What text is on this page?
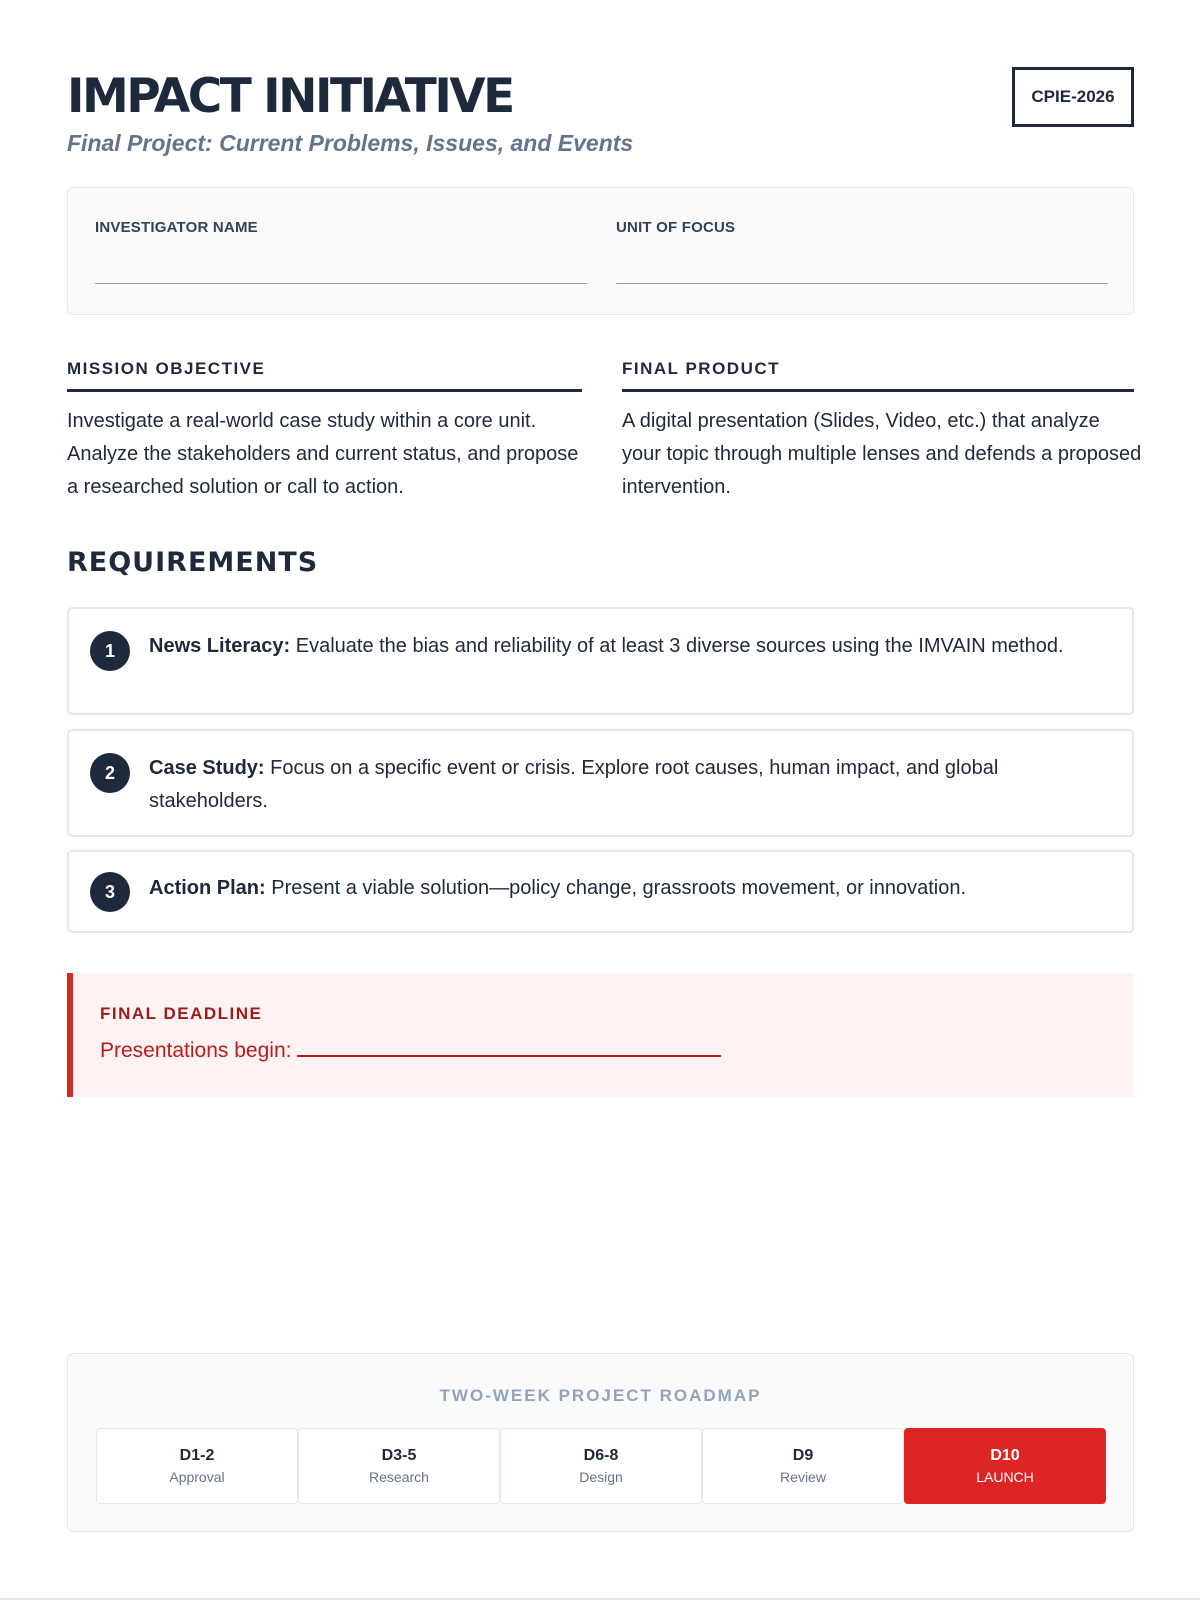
IMPACT INITIATIVE
Final Project: Current Problems, Issues, and Events
CPIE-2026
INVESTIGATOR NAME	UNIT OF FOCUS
MISSION OBJECTIVE
Investigate a real-world case study within a core unit. Analyze the stakeholders and current status, and propose a researched solution or call to action.
FINAL PRODUCT
A digital presentation (Slides, Video, etc.) that analyze your topic through multiple lenses and defends a proposed intervention.
REQUIREMENTS
1	News Literacy: Evaluate the bias and reliability of at least 3 diverse sources using the IMVAIN method.
2	Case Study: Focus on a specific event or crisis. Explore root causes, human impact, and global stakeholders.
3	Action Plan: Present a viable solution—policy change, grassroots movement, or innovation.
FINAL DEADLINE
Presentations begin:
TWO-WEEK PROJECT ROADMAP
D1-2
Approval
D3-5
Research
D6-8
Design
D9
Review
D10
LAUNCH
